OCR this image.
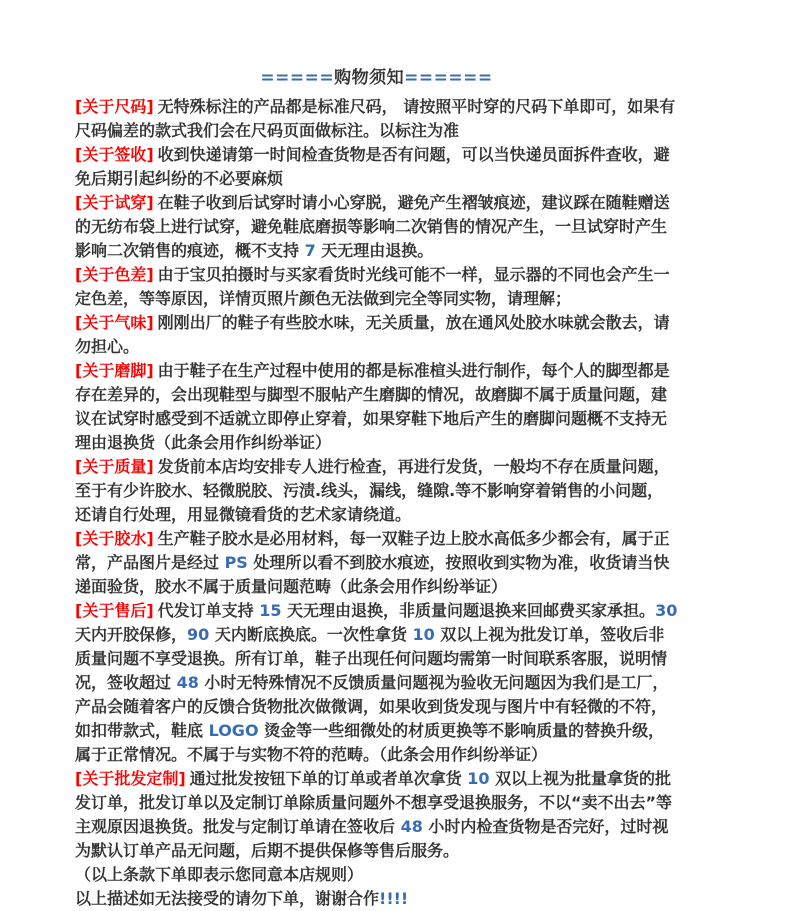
=====购物须知======

[关于尺码] 无特殊标注的产品都是标准尺码， 请按照平时穿的尺码下单即可，如果有尺码偏差的款式我们会在尺码页面做标注。以标注为准

[关于签收] 收到快递请第一时间检查货物是否有问题，可以当快递员面拆件查收，避免后期引起纠纷的不必要麻烦

[关于试穿] 在鞋子收到后试穿时请小心穿脱，避免产生褶皱痕迹，建议踩在随鞋赠送的无纺布袋上进行试穿，避免鞋底磨损等影响二次销售的情况产生，一旦试穿时产生影响二次销售的痕迹，概不支持 7 天无理由退换。

[关于色差] 由于宝贝拍摄时与买家看货时光线可能不一样，显示器的不同也会产生一定色差，等等原因，详情页照片颜色无法做到完全等同实物，请理解；

[关于气味] 刚刚出厂的鞋子有些胶水味，无关质量，放在通风处胶水味就会散去，请勿担心。

[关于磨脚] 由于鞋子在生产过程中使用的都是标准楦头进行制作，每个人的脚型都是存在差异的，会出现鞋型与脚型不服帖产生磨脚的情况，故磨脚不属于质量问题，建议在试穿时感受到不适就立即停止穿着，如果穿鞋下地后产生的磨脚问题概不支持无理由退换货（此条会用作纠纷举证）

[关于质量] 发货前本店均安排专人进行检查，再进行发货，一般均不存在质量问题，至于有少许胶水、轻微脱胶、污渍.线头，漏线，缝隙.等不影响穿着销售的小问题，还请自行处理，用显微镜看货的艺术家请绕道。

[关于胶水] 生产鞋子胶水是必用材料，每一双鞋子边上胶水高低多少都会有，属于正常，产品图片是经过 PS 处理所以看不到胶水痕迹，按照收到实物为准，收货请当快递面验货，胶水不属于质量问题范畴（此条会用作纠纷举证）

[关于售后] 代发订单支持 15 天无理由退换，非质量问题退换来回邮费买家承担。30 天内开胶保修，90 天内断底换底。一次性拿货 10 双以上视为批发订单，签收后非质量问题不享受退换。所有订单，鞋子出现任何问题均需第一时间联系客服，说明情况，签收超过 48 小时无特殊情况不反馈质量问题视为验收无问题因为我们是工厂，产品会随着客户的反馈合货物批次做微调，如果收到货发现与图片中有轻微的不符，如扣带款式，鞋底 LOGO 烫金等一些细微处的材质更换等不影响质量的替换升级，属于正常情况。不属于与实物不符的范畴。（此条会用作纠纷举证）

[关于批发定制] 通过批发按钮下单的订单或者单次拿货 10 双以上视为批量拿货的批发订单，批发订单以及定制订单除质量问题外不想享受退换服务，不以“卖不出去”等主观原因退换货。批发与定制订单请在签收后 48 小时内检查货物是否完好，过时视为默认订单产品无问题，后期不提供保修等售后服务。

（以上条款下单即表示您同意本店规则）

以上描述如无法接受的请勿下单，谢谢合作!!!!
